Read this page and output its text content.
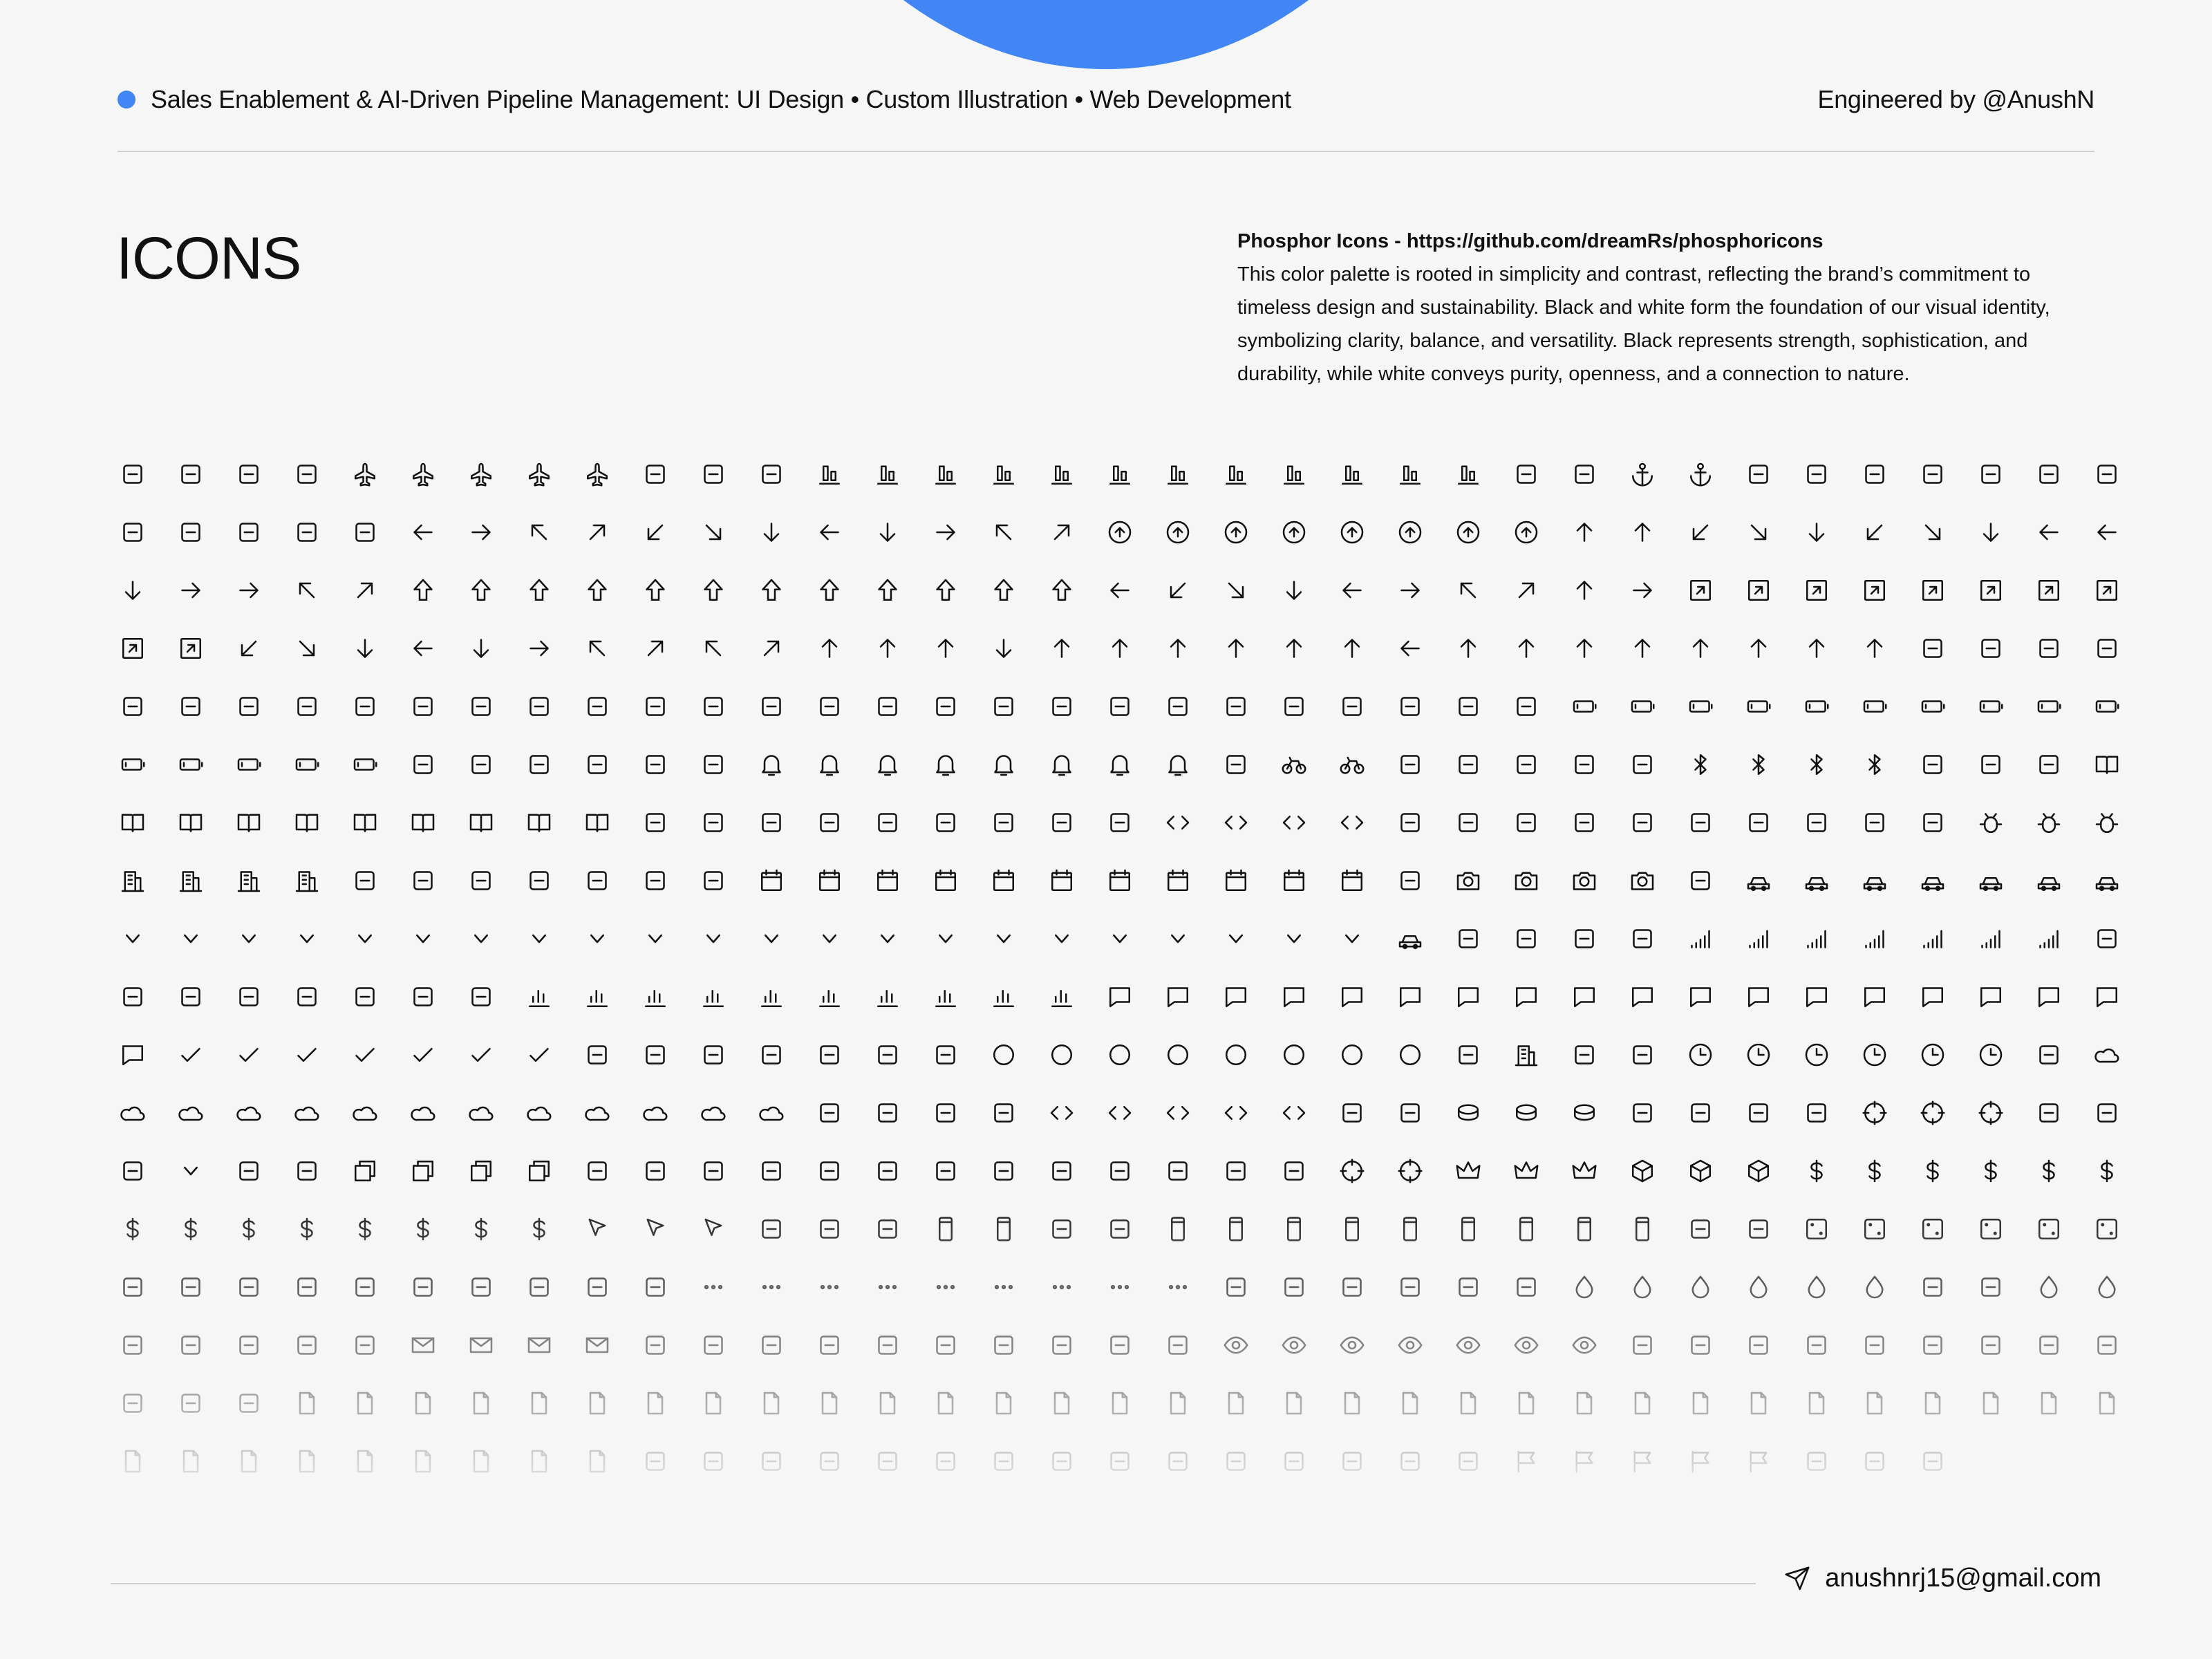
Sales Enablement & AI-Driven Pipeline Management: UI Design • Custom Illustration • Web Development	Engineered by @AnushN
ICONS	Phosphor Icons - https://github.com/dreamRs/phosphoricons
This color palette is rooted in simplicity and contrast, reflecting the brand’s commitment to timeless design and sustainability. Black and white form the foundation of our visual identity, symbolizing clarity, balance, and versatility. Black represents strength, sophistication, and durability, while white conveys purity, openness, and a connection to nature.
anushnrj15@gmail.com
